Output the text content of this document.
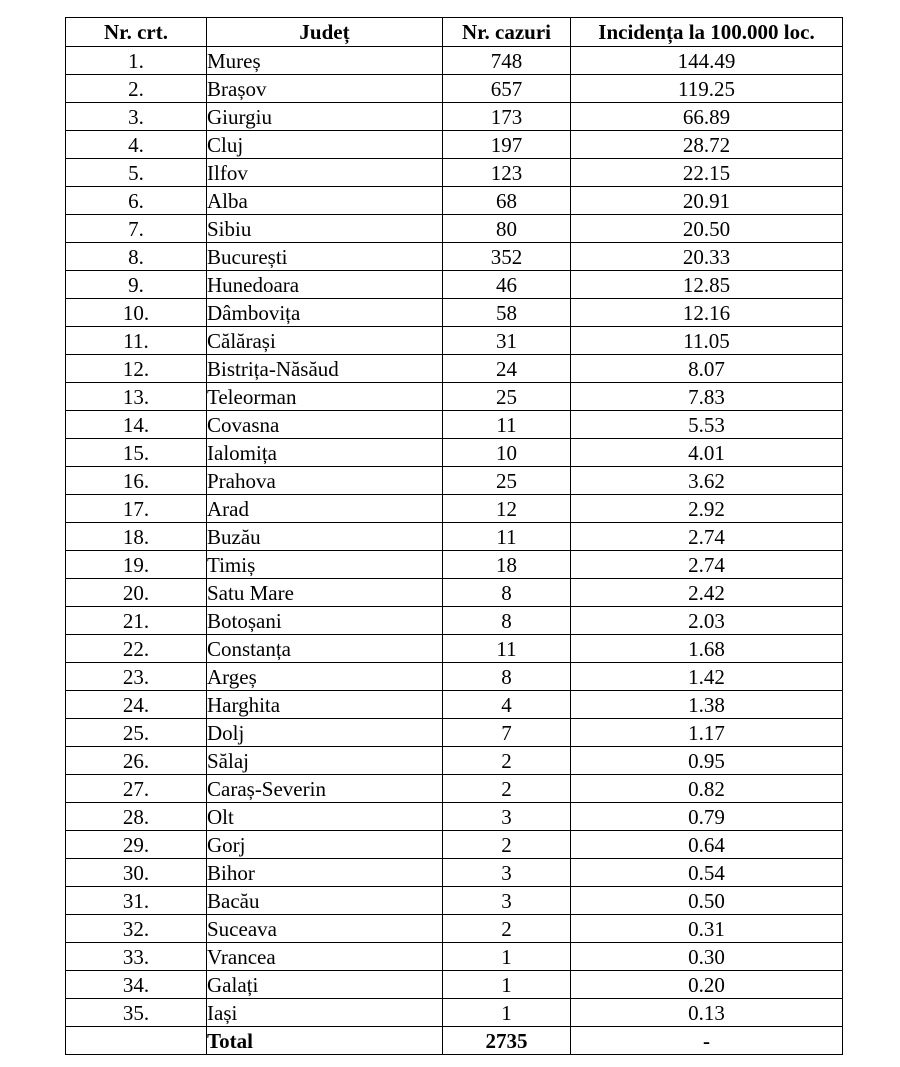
Nr. crt.	Județ	Nr. cazuri	Incidența la 100.000 loc.
1.	Mureș	748	144.49
2.	Brașov	657	119.25
3.	Giurgiu	173	66.89
4.	Cluj	197	28.72
5.	Ilfov	123	22.15
6.	Alba	68	20.91
7.	Sibiu	80	20.50
8.	București	352	20.33
9.	Hunedoara	46	12.85
10.	Dâmbovița	58	12.16
11.	Călărași	31	11.05
12.	Bistrița-Năsăud	24	8.07
13.	Teleorman	25	7.83
14.	Covasna	11	5.53
15.	Ialomița	10	4.01
16.	Prahova	25	3.62
17.	Arad	12	2.92
18.	Buzău	11	2.74
19.	Timiș	18	2.74
20.	Satu Mare	8	2.42
21.	Botoșani	8	2.03
22.	Constanța	11	1.68
23.	Argeș	8	1.42
24.	Harghita	4	1.38
25.	Dolj	7	1.17
26.	Sălaj	2	0.95
27.	Caraș-Severin	2	0.82
28.	Olt	3	0.79
29.	Gorj	2	0.64
30.	Bihor	3	0.54
31.	Bacău	3	0.50
32.	Suceava	2	0.31
33.	Vrancea	1	0.30
34.	Galați	1	0.20
35.	Iași	1	0.13
	Total	2735	-
